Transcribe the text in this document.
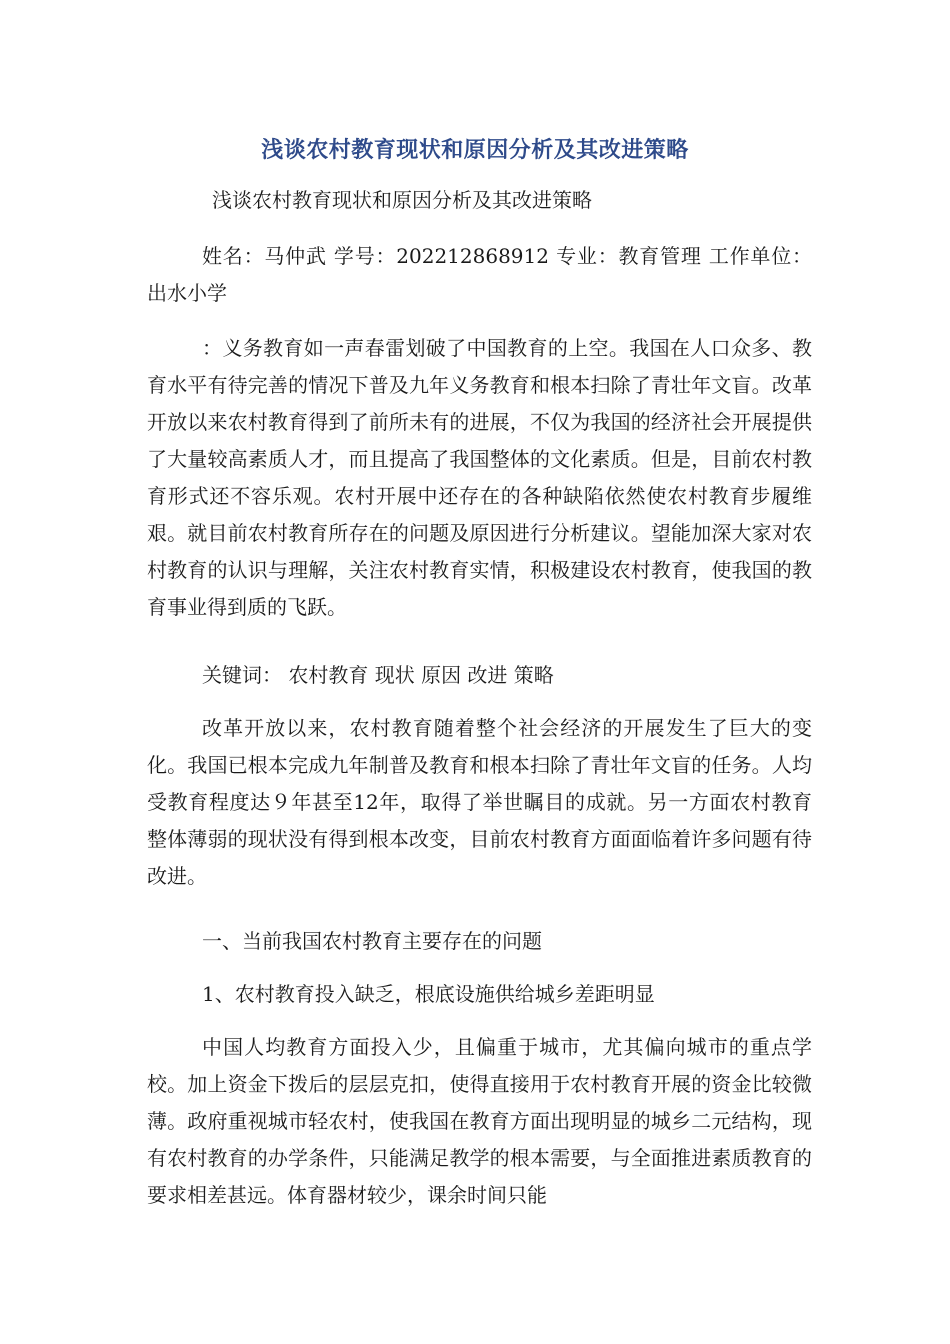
浅谈农村教育现状和原因分析及其改进策略

浅谈农村教育现状和原因分析及其改进策略

姓名：马仲武 学号：202212868912 专业：教育管理 工作单位：出水小学

：义务教育如一声春雷划破了中国教育的上空。我国在人口众多、教育水平有待完善的情况下普及九年义务教育和根本扫除了青壮年文盲。改革开放以来农村教育得到了前所未有的进展，不仅为我国的经济社会开展提供了大量较高素质人才，而且提高了我国整体的文化素质。但是，目前农村教育形式还不容乐观。农村开展中还存在的各种缺陷依然使农村教育步履维艰。就目前农村教育所存在的问题及原因进行分析建议。望能加深大家对农村教育的认识与理解，关注农村教育实情，积极建设农村教育，使我国的教育事业得到质的飞跃。

关键词： 农村教育 现状 原因 改进 策略

改革开放以来，农村教育随着整个社会经济的开展发生了巨大的变化。我国已根本完成九年制普及教育和根本扫除了青壮年文盲的任务。人均受教育程度达９年甚至12年，取得了举世瞩目的成就。另一方面农村教育整体薄弱的现状没有得到根本改变，目前农村教育方面面临着许多问题有待改进。

一、当前我国农村教育主要存在的问题

1、农村教育投入缺乏，根底设施供给城乡差距明显

中国人均教育方面投入少，且偏重于城市，尤其偏向城市的重点学校。加上资金下拨后的层层克扣，使得直接用于农村教育开展的资金比较微薄。政府重视城市轻农村，使我国在教育方面出现明显的城乡二元结构，现有农村教育的办学条件，只能满足教学的根本需要，与全面推进素质教育的要求相差甚远。体育器材较少，课余时间只能
